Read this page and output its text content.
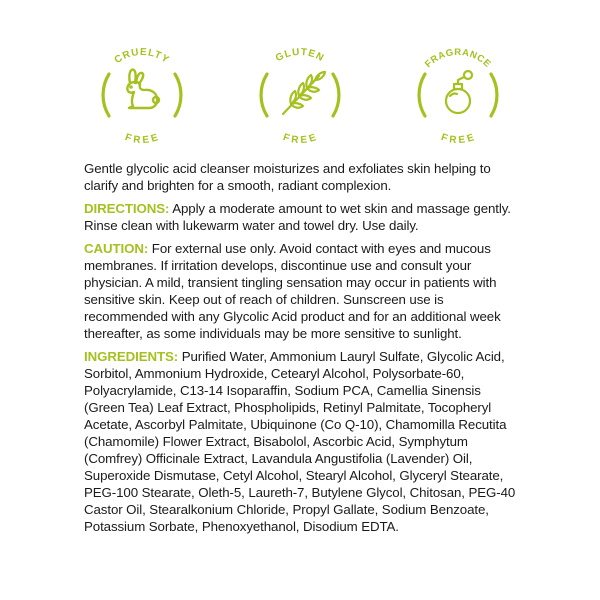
CRUELTY
FREE
GLUTEN
FREE
FRAGRANCE
FREE

Gentle glycolic acid cleanser moisturizes and exfoliates skin helping to clarify and brighten for a smooth, radiant complexion.

DIRECTIONS: Apply a moderate amount to wet skin and massage gently. Rinse clean with lukewarm water and towel dry. Use daily.

CAUTION: For external use only. Avoid contact with eyes and mucous membranes. If irritation develops, discontinue use and consult your physician. A mild, transient tingling sensation may occur in patients with sensitive skin. Keep out of reach of children. Sunscreen use is recommended with any Glycolic Acid product and for an additional week thereafter, as some individuals may be more sensitive to sunlight.

INGREDIENTS: Purified Water, Ammonium Lauryl Sulfate, Glycolic Acid, Sorbitol, Ammonium Hydroxide, Cetearyl Alcohol, Polysorbate-60, Polyacrylamide, C13-14 Isoparaffin, Sodium PCA, Camellia Sinensis (Green Tea) Leaf Extract, Phospholipids, Retinyl Palmitate, Tocopheryl Acetate, Ascorbyl Palmitate, Ubiquinone (Co Q-10), Chamomilla Recutita (Chamomile) Flower Extract, Bisabolol, Ascorbic Acid, Symphytum (Comfrey) Officinale Extract, Lavandula Angustifolia (Lavender) Oil, Superoxide Dismutase, Cetyl Alcohol, Stearyl Alcohol, Glyceryl Stearate, PEG-100 Stearate, Oleth-5, Laureth-7, Butylene Glycol, Chitosan, PEG-40 Castor Oil, Stearalkonium Chloride, Propyl Gallate, Sodium Benzoate, Potassium Sorbate, Phenoxyethanol, Disodium EDTA.
